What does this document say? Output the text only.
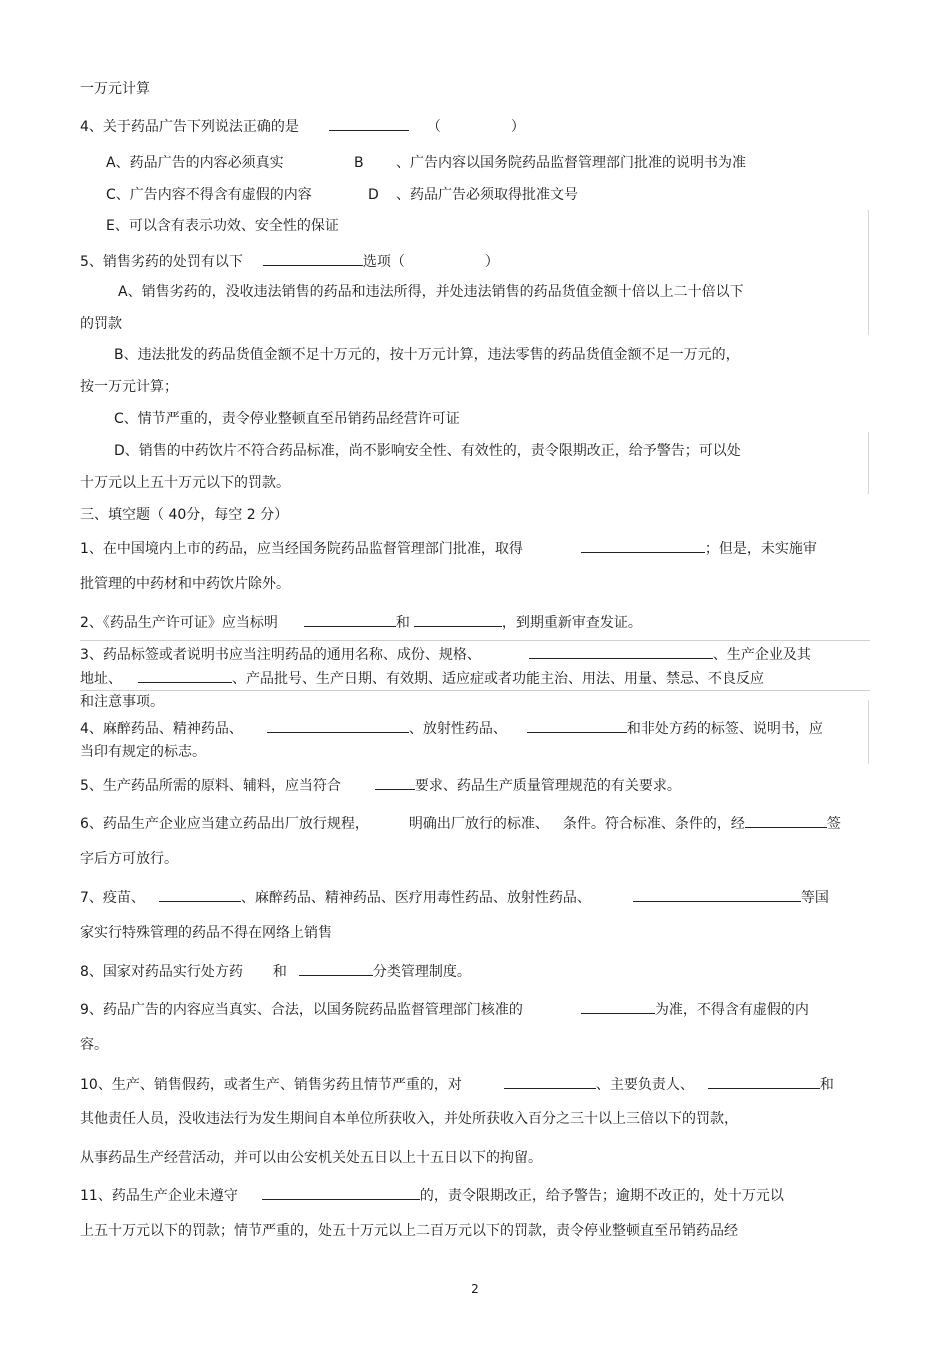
一万元计算
4、关于药品广告下列说法正确的是	（	）
A、药品广告的内容必须真实	B 、广告内容以国务院药品监督管理部门批准的说明书为准
C、广告内容不得含有虚假的内容	D 、药品广告必须取得批准文号
E、可以含有表示功效、安全性的保证
5、销售劣药的处罚有以下	选项（	）
A、销售劣药的，没收违法销售的药品和违法所得，并处违法销售的药品货值金额十倍以上二十倍以下
的罚款
B、违法批发的药品货值金额不足十万元的，按十万元计算，违法零售的药品货值金额不足一万元的，
按一万元计算；
C、情节严重的，责令停业整顿直至吊销药品经营许可证
D、销售的中药饮片不符合药品标准，尚不影响安全性、有效性的，责令限期改正，给予警告；可以处
十万元以上五十万元以下的罚款。
三、填空题（ 40分，每空 2 分）
1、在中国境内上市的药品，应当经国务院药品监督管理部门批准，取得	；但是，未实施审
批管理的中药材和中药饮片除外。
2、《药品生产许可证》应当标明	和	，到期重新审查发证。
3、药品标签或者说明书应当注明药品的通用名称、成份、规格、	、生产企业及其
地址、	、产品批号、生产日期、有效期、适应症或者功能主治、用法、用量、禁忌、不良反应
和注意事项。
4、麻醉药品、精神药品、	、放射性药品、	和非处方药的标签、说明书，应
当印有规定的标志。
5、生产药品所需的原料、辅料，应当符合	要求、药品生产质量管理规范的有关要求。
6、药品生产企业应当建立药品出厂放行规程，	明确出厂放行的标准、 条件。符合标准、条件的，经	签
字后方可放行。
7、疫苗、	、麻醉药品、精神药品、医疗用毒性药品、放射性药品、	等国
家实行特殊管理的药品不得在网络上销售
8、国家对药品实行处方药 和	分类管理制度。
9、药品广告的内容应当真实、合法，以国务院药品监督管理部门核准的	为准，不得含有虚假的内
容。
10、生产、销售假药，或者生产、销售劣药且情节严重的，对	、主要负责人、	和
其他责任人员，没收违法行为发生期间自本单位所获收入，并处所获收入百分之三十以上三倍以下的罚款，
从事药品生产经营活动，并可以由公安机关处五日以上十五日以下的拘留。
11、药品生产企业未遵守	的，责令限期改正，给予警告；逾期不改正的，处十万元以
上五十万元以下的罚款；情节严重的，处五十万元以上二百万元以下的罚款，责令停业整顿直至吊销药品经
2
